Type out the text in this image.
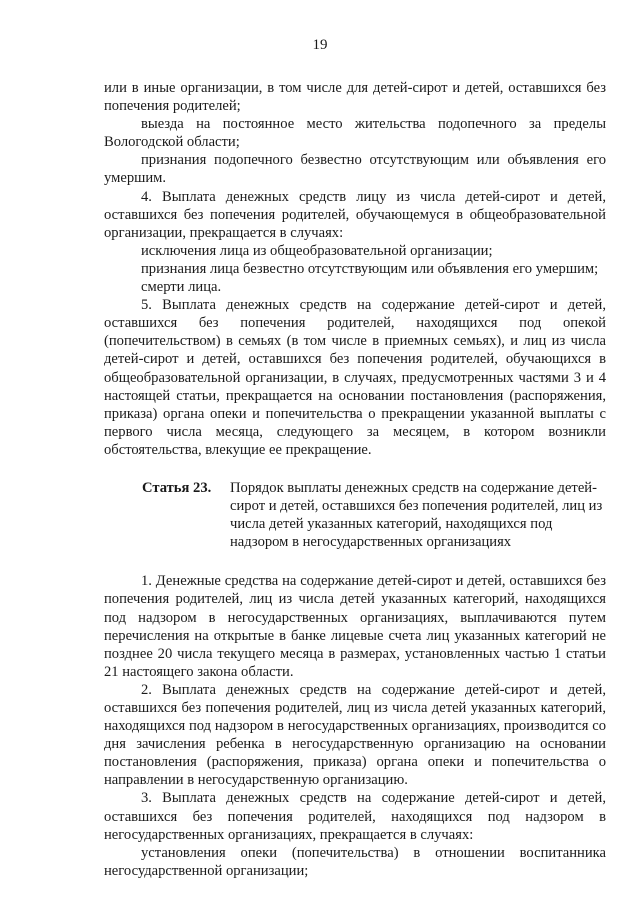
19

или в иные организации, в том числе для детей-сирот и детей, оставшихся без попечения родителей;

выезда на постоянное место жительства подопечного за пределы Вологодской области;

признания подопечного безвестно отсутствующим или объявления его умершим.

4. Выплата денежных средств лицу из числа детей-сирот и детей, оставшихся без попечения родителей, обучающемуся в общеобразовательной организации, прекращается в случаях:

исключения лица из общеобразовательной организации;

признания лица безвестно отсутствующим или объявления его умершим;

смерти лица.

5. Выплата денежных средств на содержание детей-сирот и детей, оставшихся без попечения родителей, находящихся под опекой (попечительством) в семьях (в том числе в приемных семьях), и лиц из числа детей-сирот и детей, оставшихся без попечения родителей, обучающихся в общеобразовательной организации, в случаях, предусмотренных частями 3 и 4 настоящей статьи, прекращается на основании постановления (распоряжения, приказа) органа опеки и попечительства о прекращении указанной выплаты с первого числа месяца, следующего за месяцем, в котором возникли обстоятельства, влекущие ее прекращение.

Статья 23. Порядок выплаты денежных средств на содержание детей-сирот и детей, оставшихся без попечения родителей, лиц из числа детей указанных категорий, находящихся под надзором в негосударственных организациях

1. Денежные средства на содержание детей-сирот и детей, оставшихся без попечения родителей, лиц из числа детей указанных категорий, находящихся под надзором в негосударственных организациях, выплачиваются путем перечисления на открытые в банке лицевые счета лиц указанных категорий не позднее 20 числа текущего месяца в размерах, установленных частью 1 статьи 21 настоящего закона области.

2. Выплата денежных средств на содержание детей-сирот и детей, оставшихся без попечения родителей, лиц из числа детей указанных категорий, находящихся под надзором в негосударственных организациях, производится со дня зачисления ребенка в негосударственную организацию на основании постановления (распоряжения, приказа) органа опеки и попечительства о направлении в негосударственную организацию.

3. Выплата денежных средств на содержание детей-сирот и детей, оставшихся без попечения родителей, находящихся под надзором в негосударственных организациях, прекращается в случаях:

установления опеки (попечительства) в отношении воспитанника негосударственной организации;
